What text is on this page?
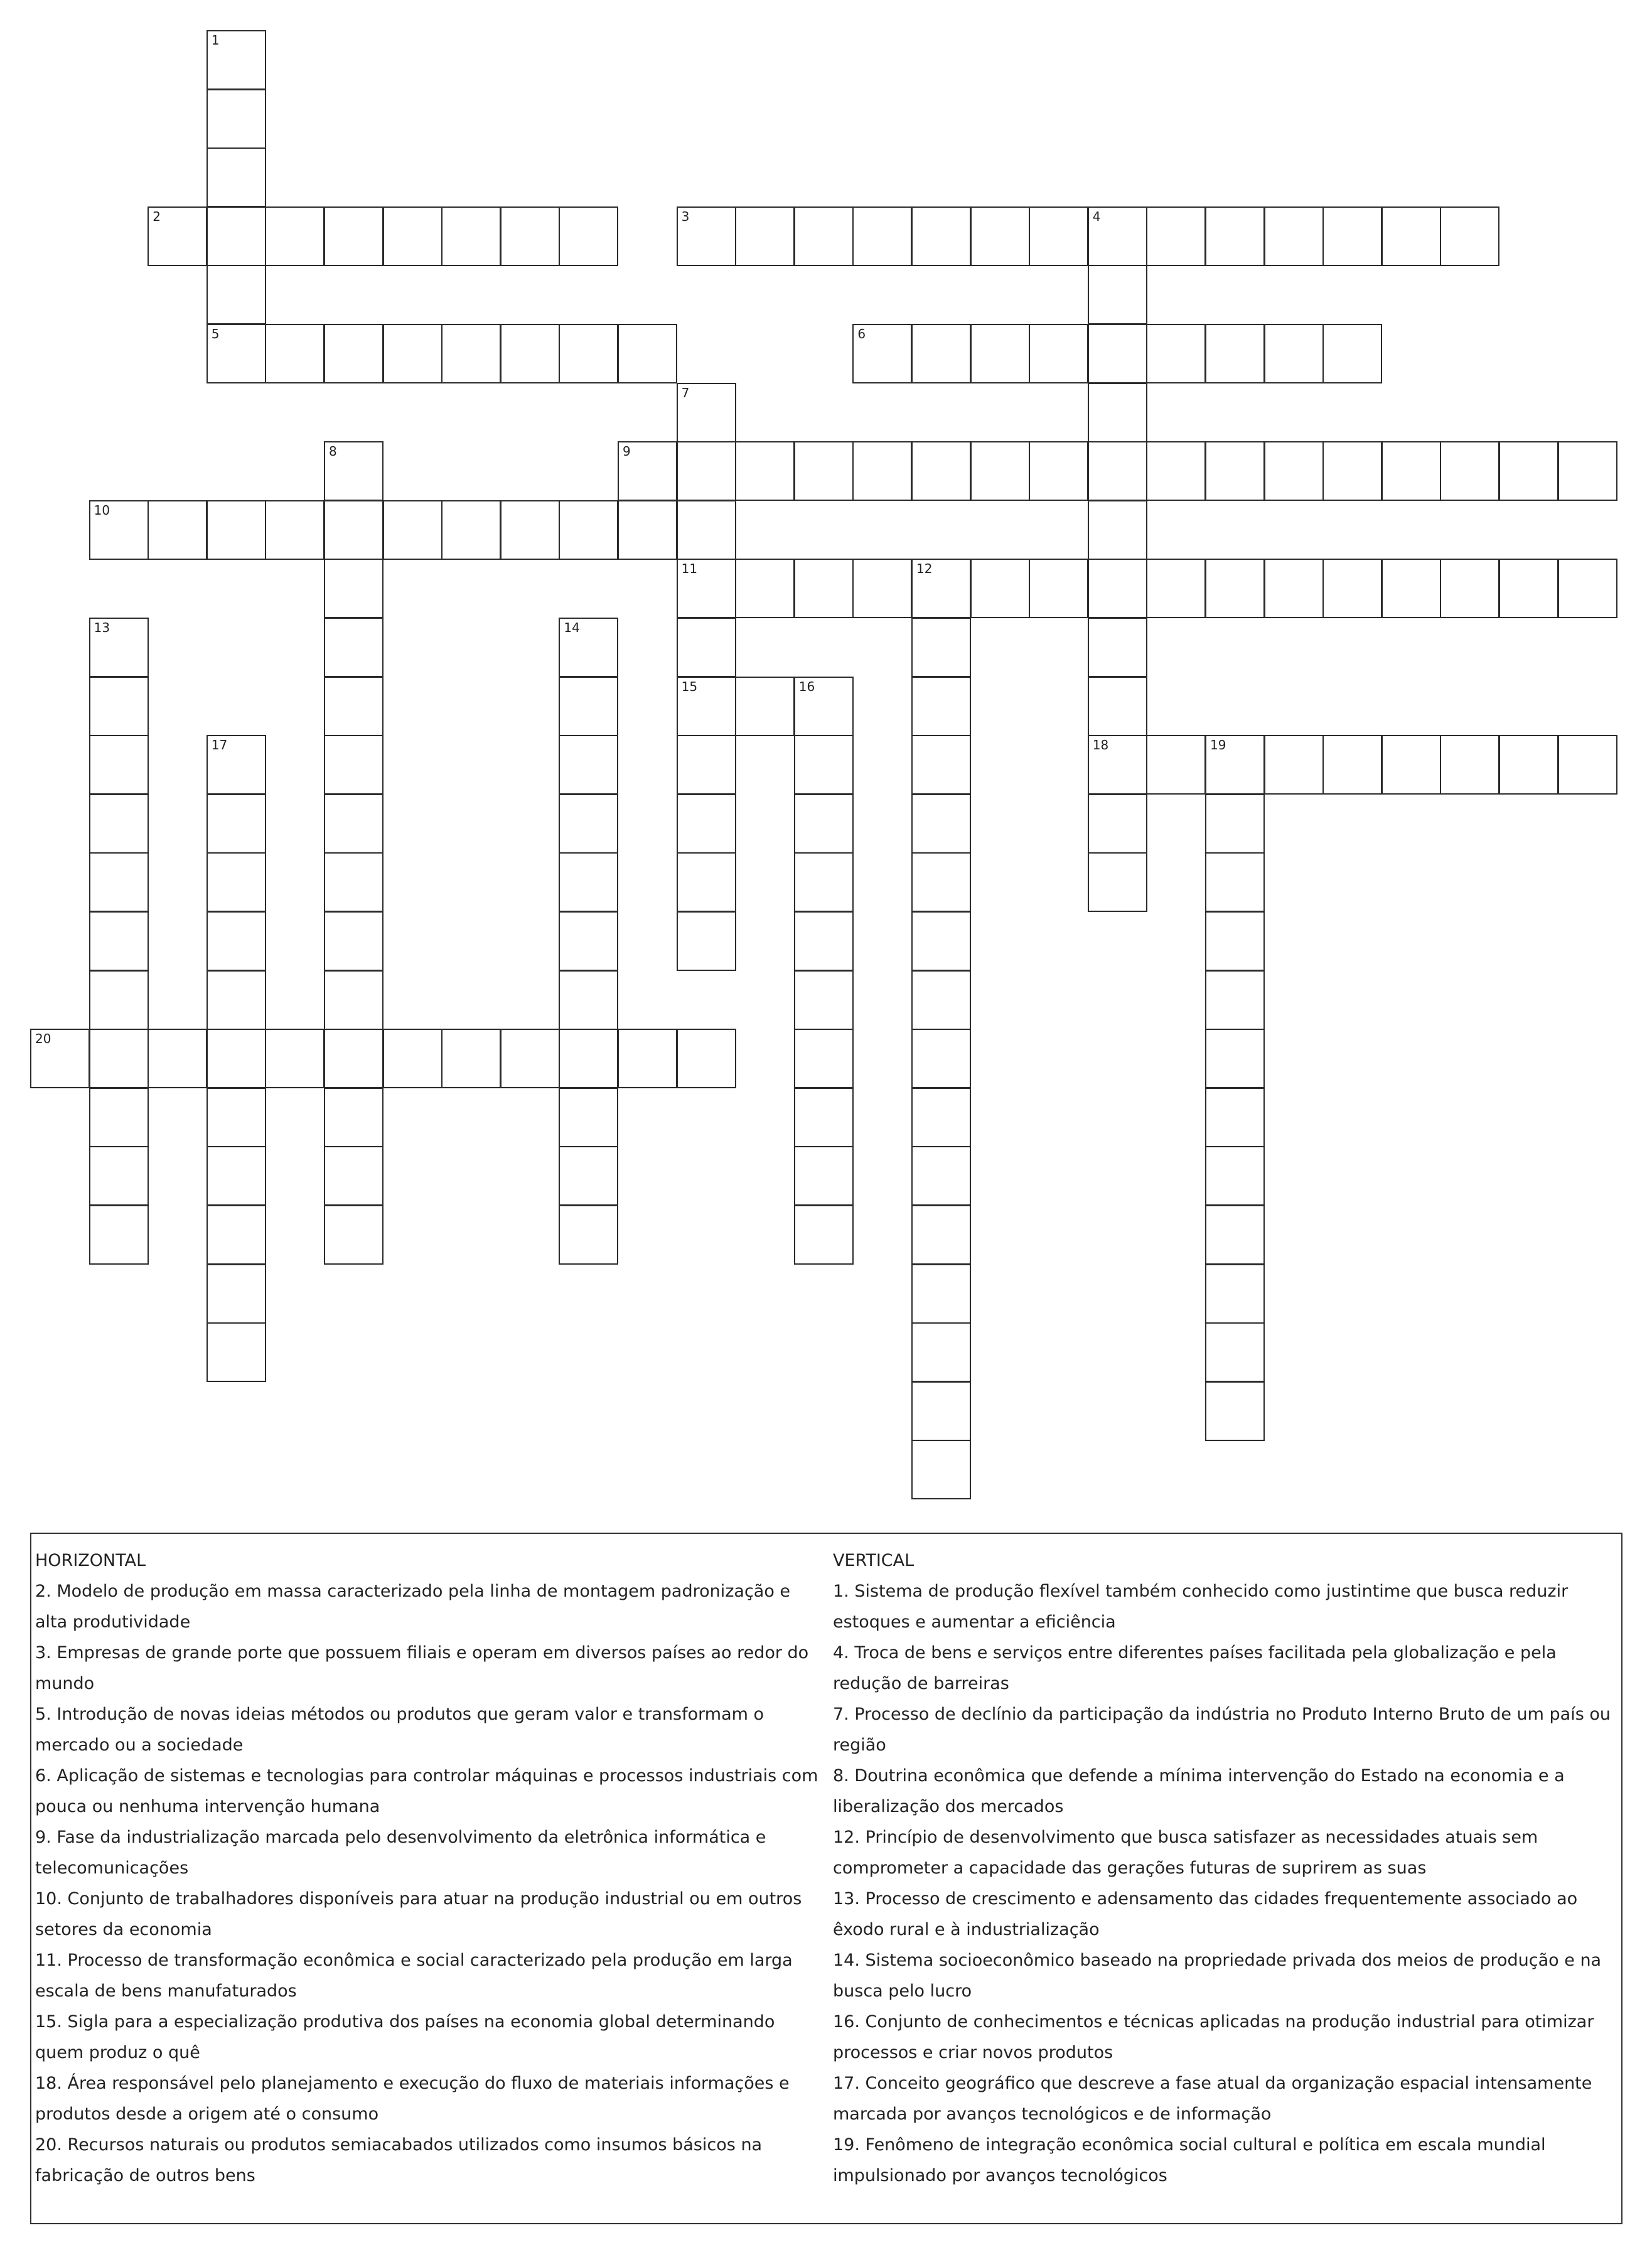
1
2	3	4
18
5	6
7
11
15
8	9
10
12
13	14
16
17	19
20
HORIZONTAL
2. Modelo de produção em massa caracterizado pela linha de montagem padronização e alta produtividade
3. Empresas de grande porte que possuem filiais e operam em diversos países ao redor do mundo
5. Introdução de novas ideias métodos ou produtos que geram valor e transformam o mercado ou a sociedade
6. Aplicação de sistemas e tecnologias para controlar máquinas e processos industriais com pouca ou nenhuma intervenção humana
9. Fase da industrialização marcada pelo desenvolvimento da eletrônica informática e telecomunicações
10. Conjunto de trabalhadores disponíveis para atuar na produção industrial ou em outros setores da economia
11. Processo de transformação econômica e social caracterizado pela produção em larga escala de bens manufaturados
15. Sigla para a especialização produtiva dos países na economia global determinando quem produz o quê
18. Área responsável pelo planejamento e execução do fluxo de materiais informações e produtos desde a origem até o consumo
20. Recursos naturais ou produtos semiacabados utilizados como insumos básicos na fabricação de outros bens
VERTICAL
1. Sistema de produção flexível também conhecido como justintime que busca reduzir estoques e aumentar a eficiência
4. Troca de bens e serviços entre diferentes países facilitada pela globalização e pela redução de barreiras
7. Processo de declínio da participação da indústria no Produto Interno Bruto de um país ou região
8. Doutrina econômica que defende a mínima intervenção do Estado na economia e a liberalização dos mercados
12. Princípio de desenvolvimento que busca satisfazer as necessidades atuais sem comprometer a capacidade das gerações futuras de suprirem as suas
13. Processo de crescimento e adensamento das cidades frequentemente associado ao êxodo rural e à industrialização
14. Sistema socioeconômico baseado na propriedade privada dos meios de produção e na busca pelo lucro
16. Conjunto de conhecimentos e técnicas aplicadas na produção industrial para otimizar processos e criar novos produtos
17. Conceito geográfico que descreve a fase atual da organização espacial intensamente marcada por avanços tecnológicos e de informação
19. Fenômeno de integração econômica social cultural e política em escala mundial impulsionado por avanços tecnológicos
